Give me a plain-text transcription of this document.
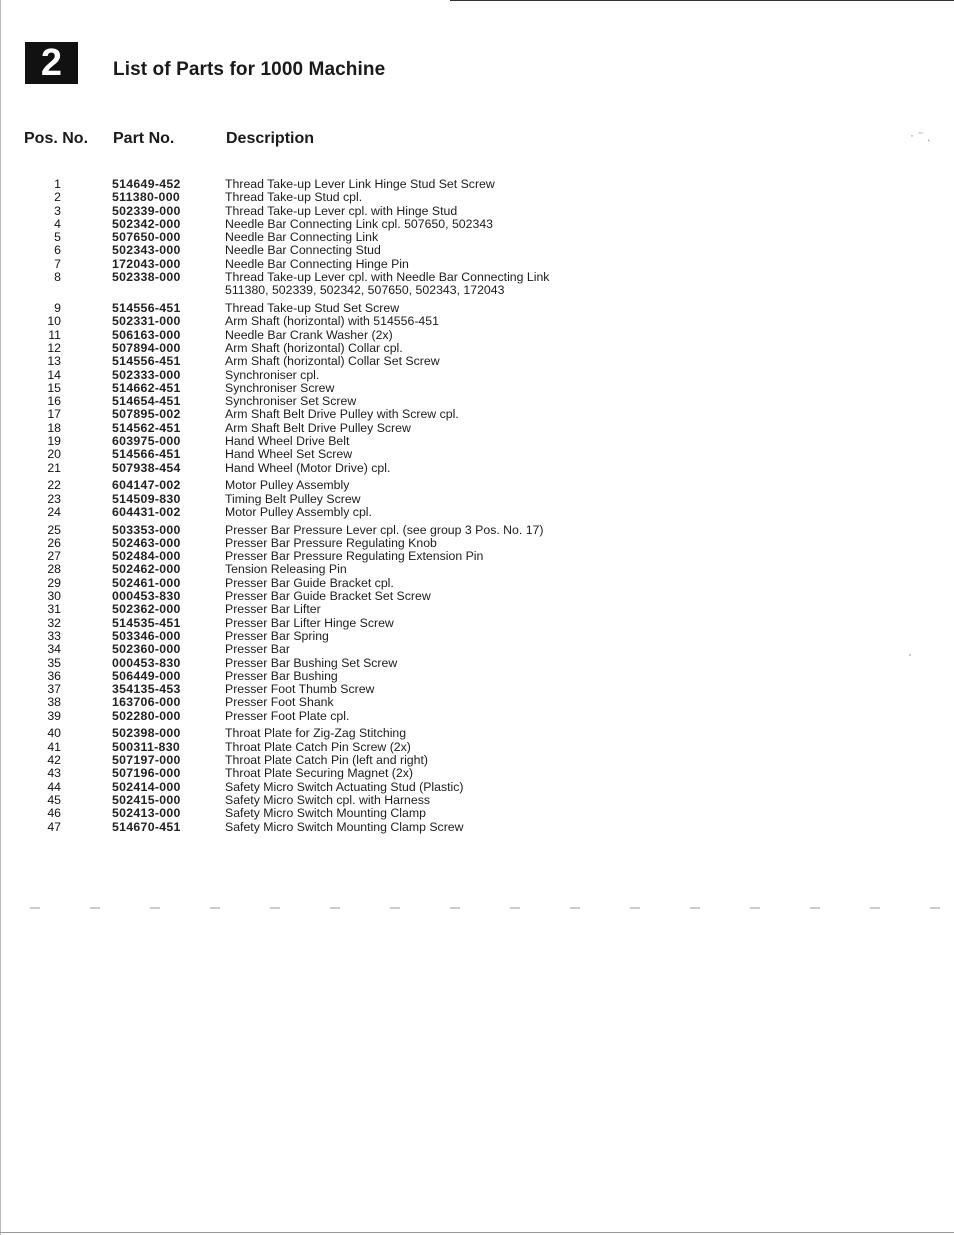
2	List of Parts for 1000 Machine
Pos. No. Part No.	Description
1	514649-452	Thread Take-up Lever Link Hinge Stud Set Screw
2	511380-000	Thread Take-up Stud cpl.
3	502339-000	Thread Take-up Lever cpl. with Hinge Stud
4	502342-000	Needle Bar Connecting Link cpl. 507650, 502343
5	507650-000	Needle Bar Connecting Link
6	502343-000	Needle Bar Connecting Stud
7	172043-000	Needle Bar Connecting Hinge Pin
8	502338-000	Thread Take-up Lever cpl. with Needle Bar Connecting Link
511380, 502339, 502342, 507650, 502343, 172043
9	514556-451	Thread Take-up Stud Set Screw
10	502331-000	Arm Shaft (horizontal) with 514556-451
11	506163-000	Needle Bar Crank Washer (2x)
12	507894-000	Arm Shaft (horizontal) Collar cpl.
13	514556-451	Arm Shaft (horizontal) Collar Set Screw
14	502333-000	Synchroniser cpl.
15	514662-451	Synchroniser Screw
16	514654-451	Synchroniser Set Screw
17	507895-002	Arm Shaft Belt Drive Pulley with Screw cpl.
18	514562-451	Arm Shaft Belt Drive Pulley Screw
19	603975-000	Hand Wheel Drive Belt
20	514566-451	Hand Wheel Set Screw
21	507938-454	Hand Wheel (Motor Drive) cpl.
22	604147-002	Motor Pulley Assembly
23	514509-830	Timing Belt Pulley Screw
24	604431-002	Motor Pulley Assembly cpl.
25	503353-000	Presser Bar Pressure Lever cpl. (see group 3 Pos. No. 17)
26	502463-000	Presser Bar Pressure Regulating Knob
27	502484-000	Presser Bar Pressure Regulating Extension Pin
28	502462-000	Tension Releasing Pin
29	502461-000	Presser Bar Guide Bracket cpl.
30	000453-830	Presser Bar Guide Bracket Set Screw
31	502362-000	Presser Bar Lifter
32	514535-451	Presser Bar Lifter Hinge Screw
33	503346-000	Presser Bar Spring
34	502360-000	Presser Bar
35	000453-830	Presser Bar Bushing Set Screw
36	506449-000	Presser Bar Bushing
37	354135-453	Presser Foot Thumb Screw
38	163706-000	Presser Foot Shank
39	502280-000	Presser Foot Plate cpl.
40	502398-000	Throat Plate for Zig-Zag Stitching
41	500311-830	Throat Plate Catch Pin Screw (2x)
42	507197-000	Throat Plate Catch Pin (left and right)
43	507196-000	Throat Plate Securing Magnet (2x)
44	502414-000	Safety Micro Switch Actuating Stud (Plastic)
45	502415-000	Safety Micro Switch cpl. with Harness
46	502413-000	Safety Micro Switch Mounting Clamp
47	514670-451	Safety Micro Switch Mounting Clamp Screw
· ⁻ ˎ
ˊ
